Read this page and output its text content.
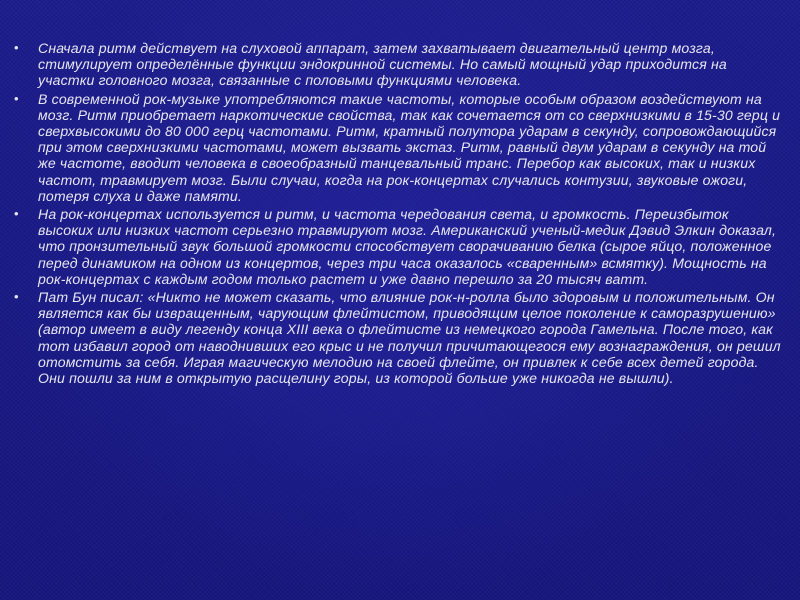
• Сначала ритм действует на слуховой аппарат, затем захватывает двигательный центр мозга, стимулирует определённые функции эндокринной системы. Но самый мощный удар приходится на участки головного мозга, связанные с половыми функциями человека.
• В современной рок-музыке употребляются такие частоты, которые особым образом воздействуют на мозг. Ритм приобретает наркотические свойства, так как сочетается от со сверхнизкими в 15-30 герц и сверхвысокими до 80 000 герц частотами. Ритм, кратный полутора ударам в секунду, сопровождающийся при этом сверхнизкими частотами, может вызвать экстаз. Ритм, равный двум ударам в секунду на той же частоте, вводит человека в своеобразный танцевальный транс. Перебор как высоких, так и низких частот, травмирует мозг. Были случаи, когда на рок-концертах случались контузии, звуковые ожоги, потеря слуха и даже памяти.
• На рок-концертах используется и ритм, и частота чередования света, и громкость. Переизбыток высоких или низких частот серьезно травмируют мозг. Американский ученый-медик Дэвид Элкин доказал, что пронзительный звук большой громкости способствует сворачиванию белка (сырое яйцо, положенное перед динамиком на одном из концертов, через три часа оказалось «сваренным» всмятку). Мощность на рок-концертах с каждым годом только растет и уже давно перешло за 20 тысяч ватт.
• Пат Бун писал: «Никто не может сказать, что влияние рок-н-ролла было здоровым и положительным. Он является как бы извращенным, чарующим флейтистом, приводящим целое поколение к саморазрушению» (автор имеет в виду легенду конца XIII века о флейтисте из немецкого города Гамельна. После того, как тот избавил город от наводнивших его крыс и не получил причитающегося ему вознаграждения, он решил отомстить за себя. Играя магическую мелодию на своей флейте, он привлек к себе всех детей города. Они пошли за ним в открытую расщелину горы, из которой больше уже никогда не вышли).
